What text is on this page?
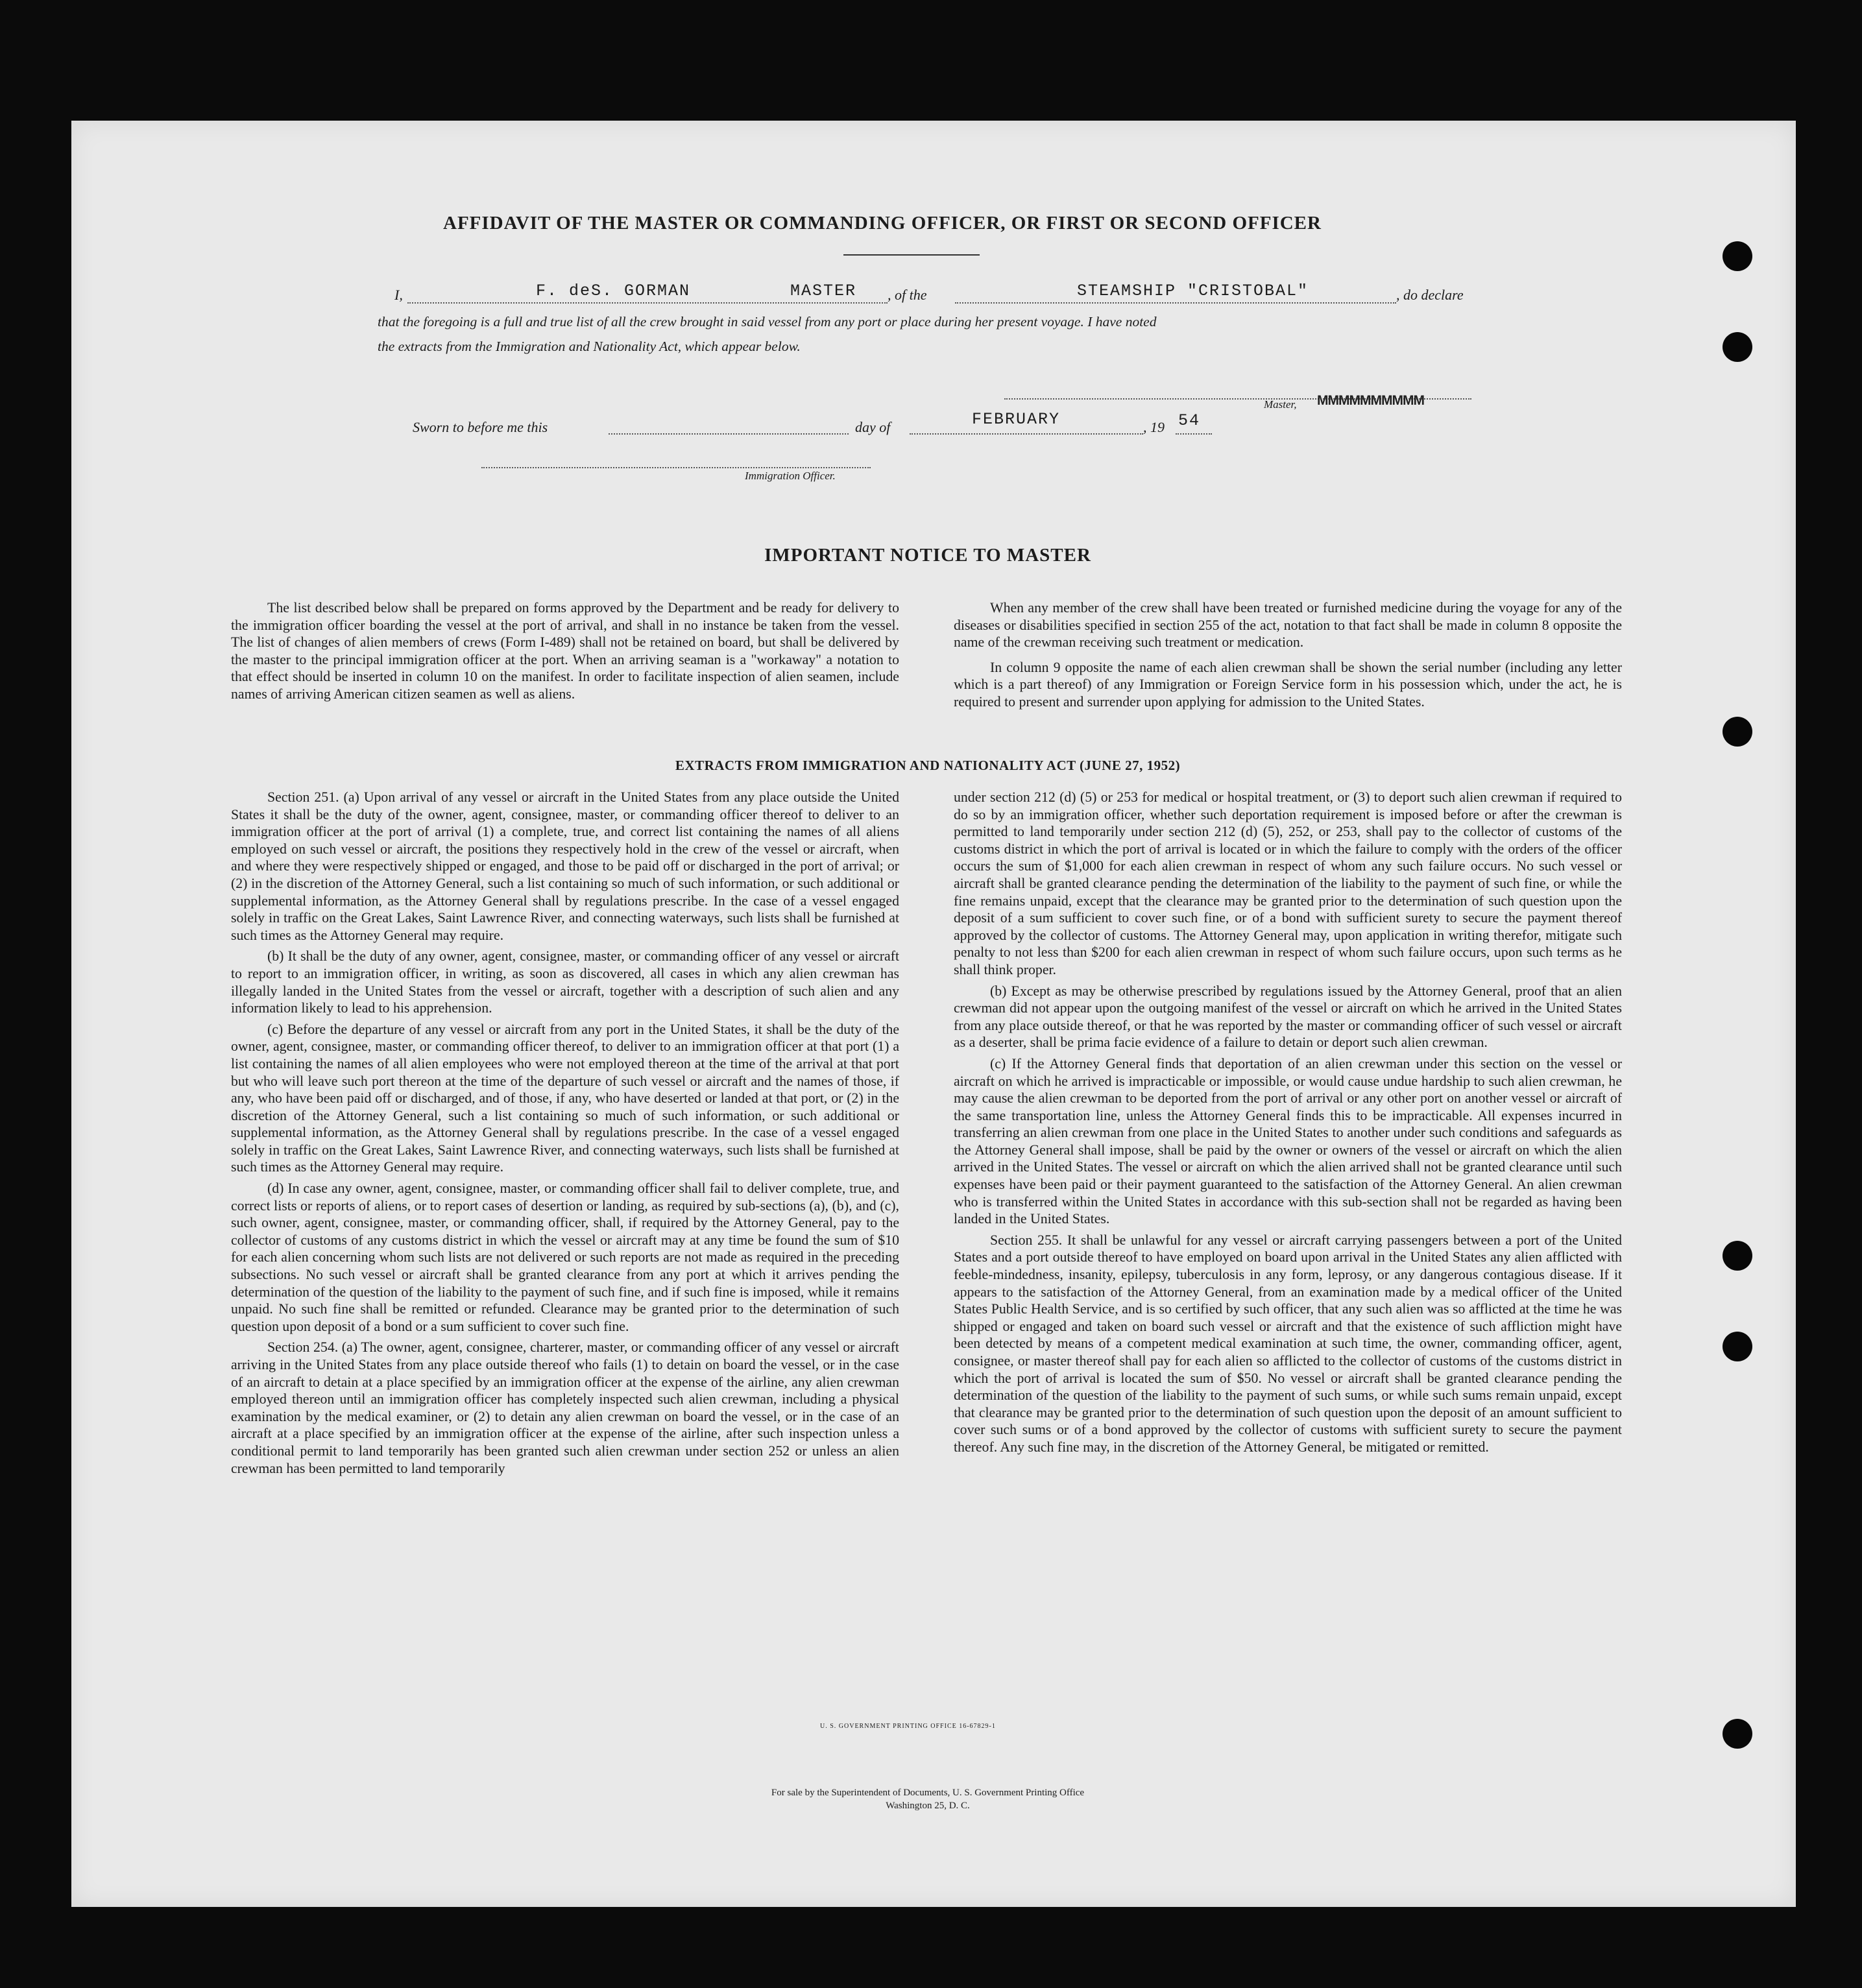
AFFIDAVIT OF THE MASTER OR COMMANDING OFFICER, OR FIRST OR SECOND OFFICER
I,	F. deS. GORMAN	MASTER , of the	STEAMSHIP "CRISTOBAL"	, do declare
that the foregoing is a full and true list of all the crew brought in said vessel from any port or place during her present voyage. I have noted
the extracts from the Immigration and Nationality Act, which appear below.
Master, MMMMMMMMMM
Sworn to before me this	day of	FEBRUARY	, 19 54
Immigration Officer.
IMPORTANT NOTICE TO MASTER

The list described below shall be prepared on forms approved by the Department and be ready for delivery to the immigration officer boarding the vessel at the port of arrival, and shall in no instance be taken from the vessel. The list of changes of alien members of crews (Form I-489) shall not be retained on board, but shall be delivered by the master to the principal immigration officer at the port. When an arriving seaman is a "workaway" a notation to that effect should be inserted in column 10 on the manifest. In order to facilitate inspection of alien seamen, include names of arriving American citizen seamen as well as aliens.

When any member of the crew shall have been treated or furnished medicine during the voyage for any of the diseases or disabilities specified in section 255 of the act, notation to that fact shall be made in column 8 opposite the name of the crewman receiving such treatment or medication.

In column 9 opposite the name of each alien crewman shall be shown the serial number (including any letter which is a part thereof) of any Immigration or Foreign Service form in his possession which, under the act, he is required to present and surrender upon applying for admission to the United States.

EXTRACTS FROM IMMIGRATION AND NATIONALITY ACT (JUNE 27, 1952)

Section 251. (a) Upon arrival of any vessel or aircraft in the United States from any place outside the United States it shall be the duty of the owner, agent, consignee, master, or commanding officer thereof to deliver to an immigration officer at the port of arrival (1) a complete, true, and correct list containing the names of all aliens employed on such vessel or aircraft, the positions they respectively hold in the crew of the vessel or aircraft, when and where they were respectively shipped or engaged, and those to be paid off or discharged in the port of arrival; or (2) in the discretion of the Attorney General, such a list containing so much of such information, or such additional or supplemental information, as the Attorney General shall by regulations prescribe. In the case of a vessel engaged solely in traffic on the Great Lakes, Saint Lawrence River, and connecting waterways, such lists shall be furnished at such times as the Attorney General may require.

(b) It shall be the duty of any owner, agent, consignee, master, or commanding officer of any vessel or aircraft to report to an immigration officer, in writing, as soon as discovered, all cases in which any alien crewman has illegally landed in the United States from the vessel or aircraft, together with a description of such alien and any information likely to lead to his apprehension.

(c) Before the departure of any vessel or aircraft from any port in the United States, it shall be the duty of the owner, agent, consignee, master, or commanding officer thereof, to deliver to an immigration officer at that port (1) a list containing the names of all alien employees who were not employed thereon at the time of the arrival at that port but who will leave such port thereon at the time of the departure of such vessel or aircraft and the names of those, if any, who have been paid off or discharged, and of those, if any, who have deserted or landed at that port, or (2) in the discretion of the Attorney General, such a list containing so much of such information, or such additional or supplemental information, as the Attorney General shall by regulations prescribe. In the case of a vessel engaged solely in traffic on the Great Lakes, Saint Lawrence River, and connecting waterways, such lists shall be furnished at such times as the Attorney General may require.

(d) In case any owner, agent, consignee, master, or commanding officer shall fail to deliver complete, true, and correct lists or reports of aliens, or to report cases of desertion or landing, as required by sub-sections (a), (b), and (c), such owner, agent, consignee, master, or commanding officer, shall, if required by the Attorney General, pay to the collector of customs of any customs district in which the vessel or aircraft may at any time be found the sum of $10 for each alien concerning whom such lists are not delivered or such reports are not made as required in the preceding subsections. No such vessel or aircraft shall be granted clearance from any port at which it arrives pending the determination of the question of the liability to the payment of such fine, and if such fine is imposed, while it remains unpaid. No such fine shall be remitted or refunded. Clearance may be granted prior to the determination of such question upon deposit of a bond or a sum sufficient to cover such fine.

Section 254. (a) The owner, agent, consignee, charterer, master, or commanding officer of any vessel or aircraft arriving in the United States from any place outside thereof who fails (1) to detain on board the vessel, or in the case of an aircraft to detain at a place specified by an immigration officer at the expense of the airline, any alien crewman employed thereon until an immigration officer has completely inspected such alien crewman, including a physical examination by the medical examiner, or (2) to detain any alien crewman on board the vessel, or in the case of an aircraft at a place specified by an immigration officer at the expense of the airline, after such inspection unless a conditional permit to land temporarily has been granted such alien crewman under section 252 or unless an alien crewman has been permitted to land temporarily

under section 212 (d) (5) or 253 for medical or hospital treatment, or (3) to deport such alien crewman if required to do so by an immigration officer, whether such deportation requirement is imposed before or after the crewman is permitted to land temporarily under section 212 (d) (5), 252, or 253, shall pay to the collector of customs of the customs district in which the port of arrival is located or in which the failure to comply with the orders of the officer occurs the sum of $1,000 for each alien crewman in respect of whom any such failure occurs. No such vessel or aircraft shall be granted clearance pending the determination of the liability to the payment of such fine, or while the fine remains unpaid, except that the clearance may be granted prior to the determination of such question upon the deposit of a sum sufficient to cover such fine, or of a bond with sufficient surety to secure the payment thereof approved by the collector of customs. The Attorney General may, upon application in writing therefor, mitigate such penalty to not less than $200 for each alien crewman in respect of whom such failure occurs, upon such terms as he shall think proper.

(b) Except as may be otherwise prescribed by regulations issued by the Attorney General, proof that an alien crewman did not appear upon the outgoing manifest of the vessel or aircraft on which he arrived in the United States from any place outside thereof, or that he was reported by the master or commanding officer of such vessel or aircraft as a deserter, shall be prima facie evidence of a failure to detain or deport such alien crewman.

(c) If the Attorney General finds that deportation of an alien crewman under this section on the vessel or aircraft on which he arrived is impracticable or impossible, or would cause undue hardship to such alien crewman, he may cause the alien crewman to be deported from the port of arrival or any other port on another vessel or aircraft of the same transportation line, unless the Attorney General finds this to be impracticable. All expenses incurred in transferring an alien crewman from one place in the United States to another under such conditions and safeguards as the Attorney General shall impose, shall be paid by the owner or owners of the vessel or aircraft on which the alien arrived in the United States. The vessel or aircraft on which the alien arrived shall not be granted clearance until such expenses have been paid or their payment guaranteed to the satisfaction of the Attorney General. An alien crewman who is transferred within the United States in accordance with this sub-section shall not be regarded as having been landed in the United States.

Section 255. It shall be unlawful for any vessel or aircraft carrying passengers between a port of the United States and a port outside thereof to have employed on board upon arrival in the United States any alien afflicted with feeble-mindedness, insanity, epilepsy, tuberculosis in any form, leprosy, or any dangerous contagious disease. If it appears to the satisfaction of the Attorney General, from an examination made by a medical officer of the United States Public Health Service, and is so certified by such officer, that any such alien was so afflicted at the time he was shipped or engaged and taken on board such vessel or aircraft and that the existence of such affliction might have been detected by means of a competent medical examination at such time, the owner, commanding officer, agent, consignee, or master thereof shall pay for each alien so afflicted to the collector of customs of the customs district in which the port of arrival is located the sum of $50. No vessel or aircraft shall be granted clearance pending the determination of the question of the liability to the payment of such sums, or while such sums remain unpaid, except that clearance may be granted prior to the determination of such question upon the deposit of an amount sufficient to cover such sums or of a bond approved by the collector of customs with sufficient surety to secure the payment thereof. Any such fine may, in the discretion of the Attorney General, be mitigated or remitted.

U. S. GOVERNMENT PRINTING OFFICE 16-67829-1
For sale by the Superintendent of Documents, U. S. Government Printing Office
Washington 25, D. C.
